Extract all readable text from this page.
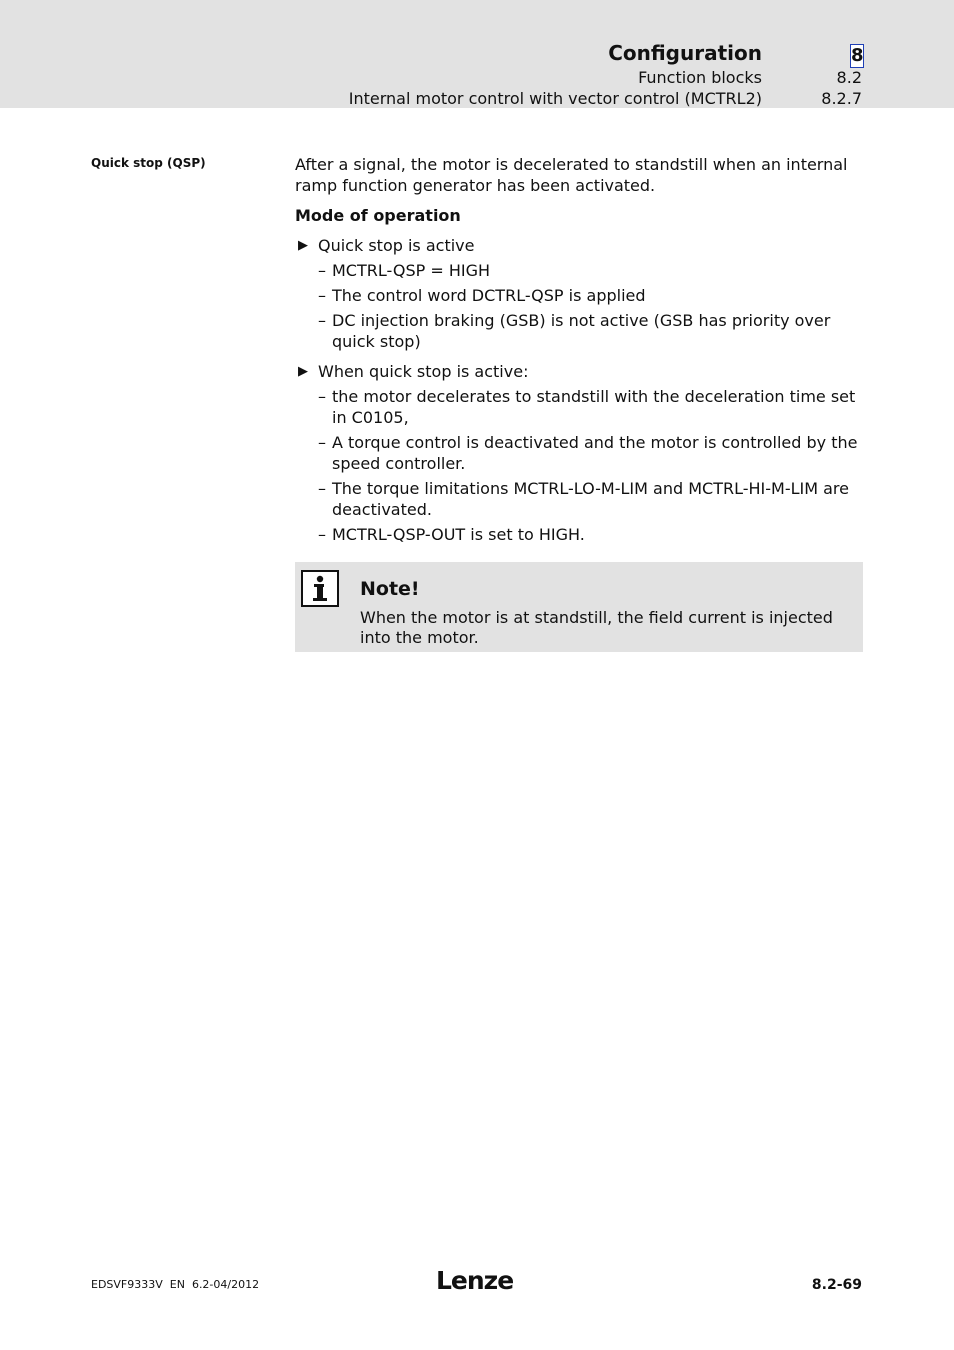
Configuration	8
Function blocks	8.2
Internal motor control with vector control (MCTRL2)	8.2.7
Quick stop (QSP)	After a signal, the motor is decelerated to standstill when an internal ramp function generator has been activated.

Mode of operation

▶ Quick stop is active
– MCTRL-QSP = HIGH
– The control word DCTRL-QSP is applied
– DC injection braking (GSB) is not active (GSB has priority over quick stop)
▶ When quick stop is active:
– the motor decelerates to standstill with the deceleration time set in C0105,
– A torque control is deactivated and the motor is controlled by the speed controller.
– The torque limitations MCTRL-LO-M-LIM and MCTRL-HI-M-LIM are deactivated.
– MCTRL-QSP-OUT is set to HIGH.
Note!
When the motor is at standstill, the field current is injected into the motor.
EDSVF9333V  EN  6.2-04/2012	Lenze	8.2-69
